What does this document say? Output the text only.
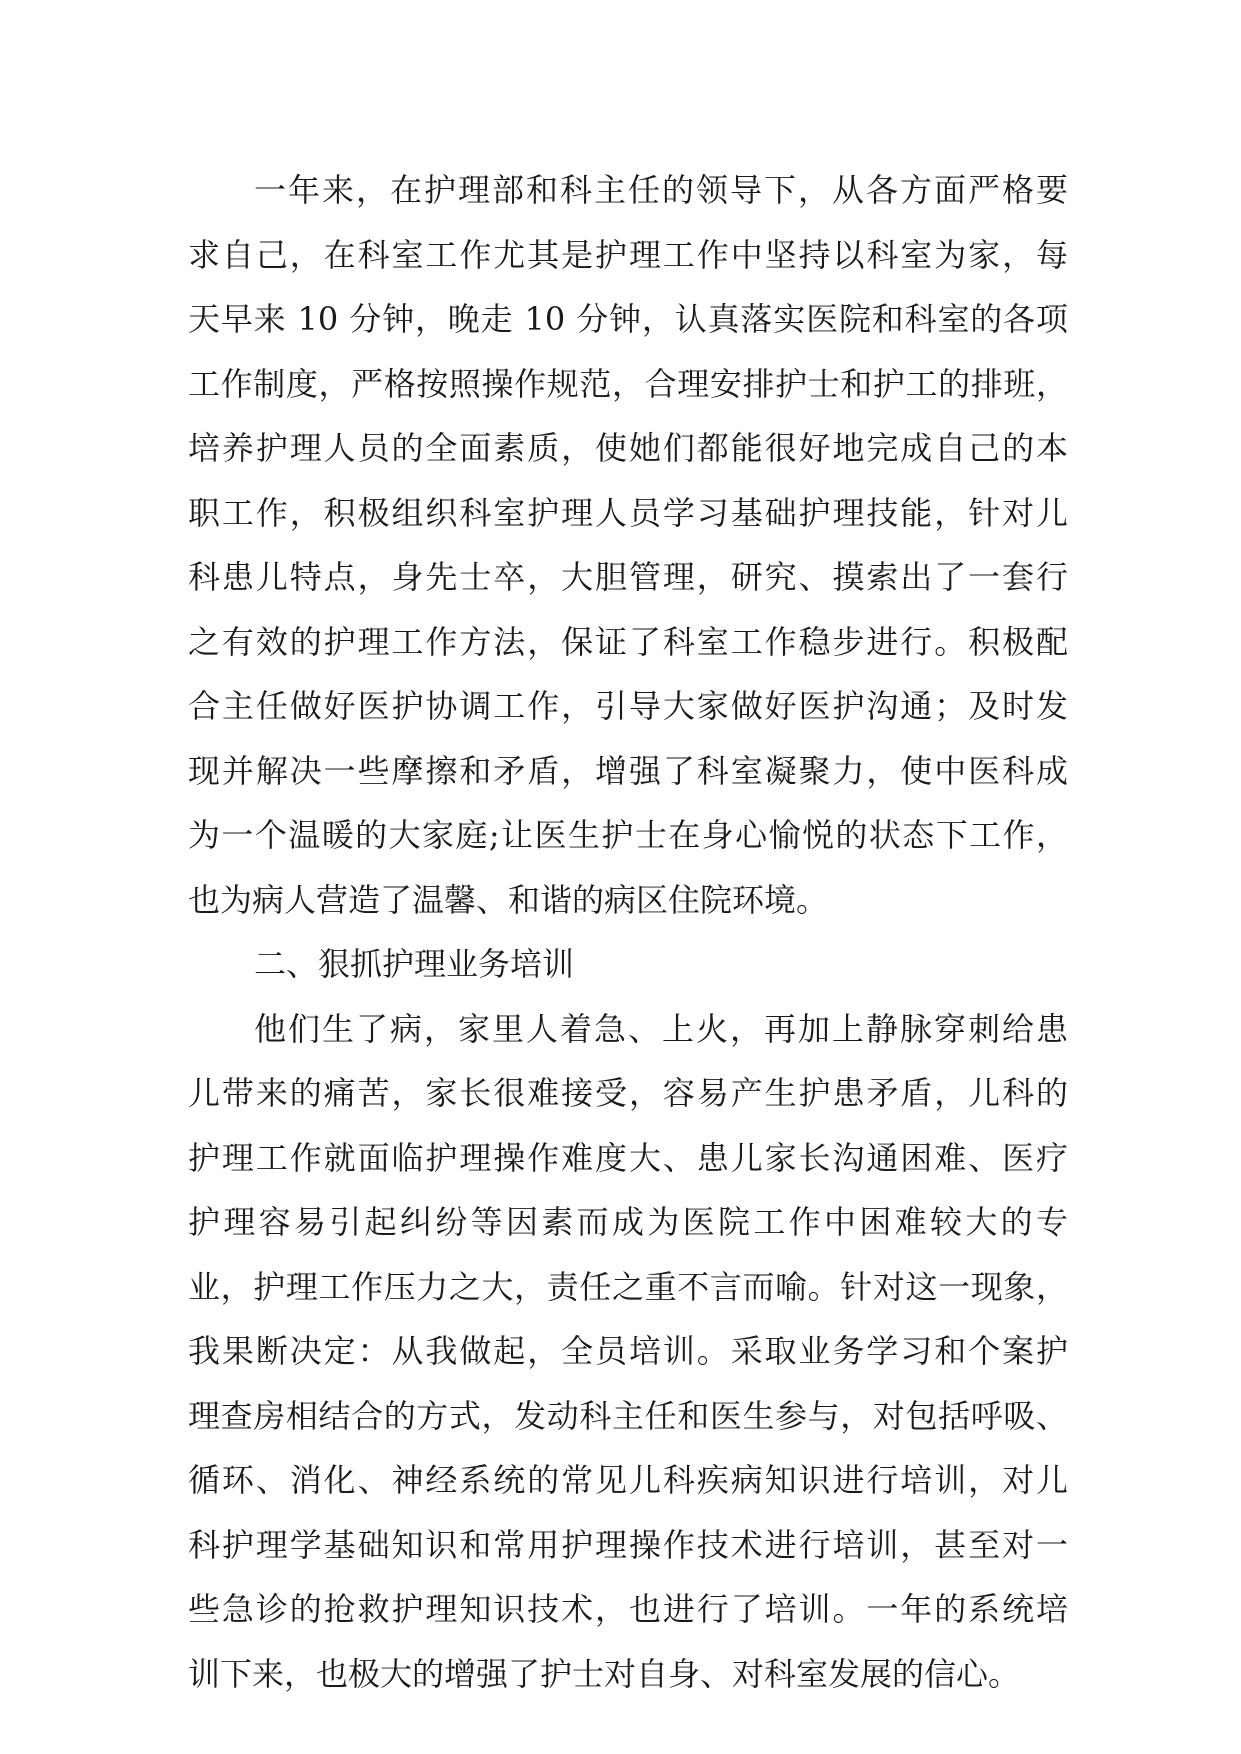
一年来，在护理部和科主任的领导下，从各方面严格要
求自己，在科室工作尤其是护理工作中坚持以科室为家，每
天早来 10 分钟，晚走 10 分钟，认真落实医院和科室的各项
工作制度，严格按照操作规范，合理安排护士和护工的排班，
培养护理人员的全面素质，使她们都能很好地完成自己的本
职工作，积极组织科室护理人员学习基础护理技能，针对儿
科患儿特点，身先士卒，大胆管理，研究、摸索出了一套行
之有效的护理工作方法，保证了科室工作稳步进行。积极配
合主任做好医护协调工作，引导大家做好医护沟通；及时发
现并解决一些摩擦和矛盾，增强了科室凝聚力，使中医科成
为一个温暖的大家庭;让医生护士在身心愉悦的状态下工作，
也为病人营造了温馨、和谐的病区住院环境。
二、狠抓护理业务培训
他们生了病，家里人着急、上火，再加上静脉穿刺给患
儿带来的痛苦，家长很难接受，容易产生护患矛盾，儿科的
护理工作就面临护理操作难度大、患儿家长沟通困难、医疗
护理容易引起纠纷等因素而成为医院工作中困难较大的专
业，护理工作压力之大，责任之重不言而喻。针对这一现象，
我果断决定：从我做起，全员培训。采取业务学习和个案护
理查房相结合的方式，发动科主任和医生参与，对包括呼吸、
循环、消化、神经系统的常见儿科疾病知识进行培训，对儿
科护理学基础知识和常用护理操作技术进行培训，甚至对一
些急诊的抢救护理知识技术，也进行了培训。一年的系统培
训下来，也极大的增强了护士对自身、对科室发展的信心。
